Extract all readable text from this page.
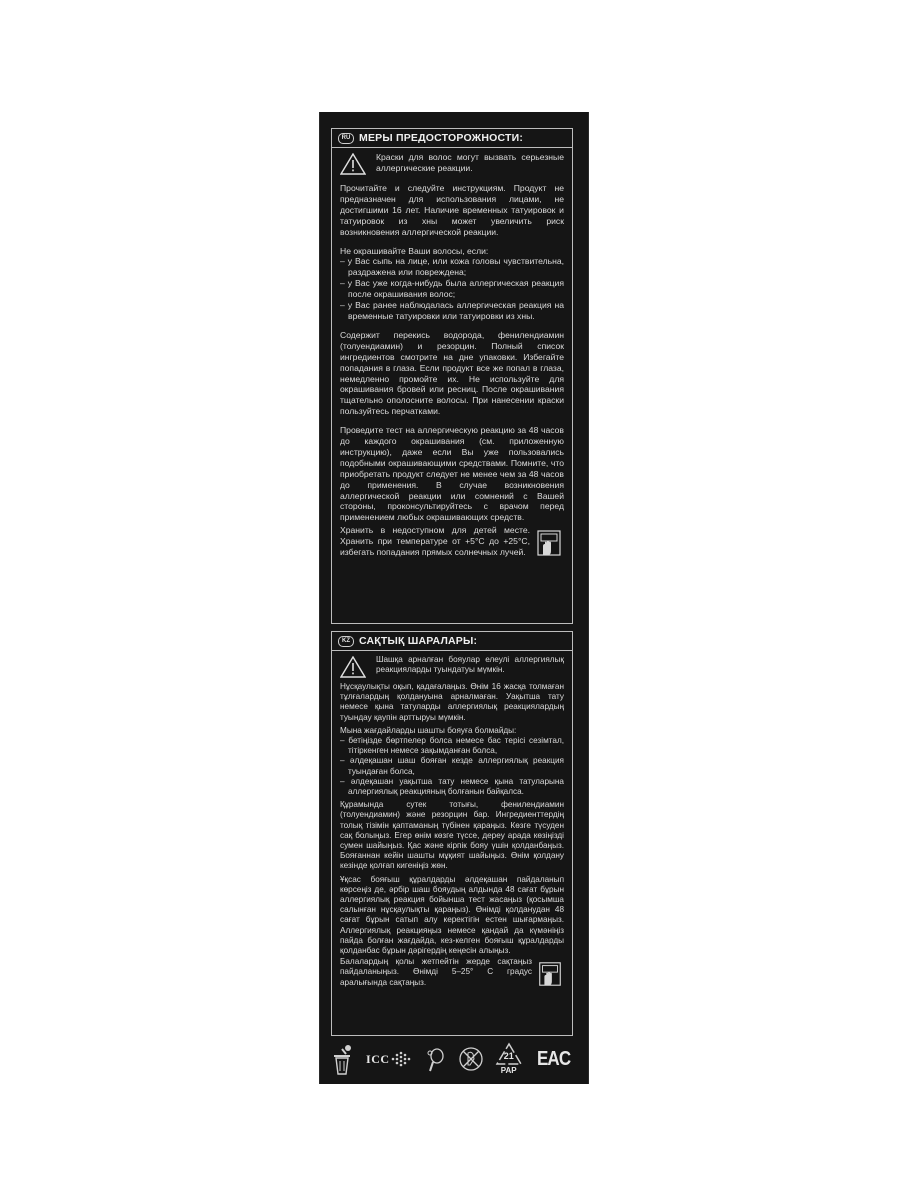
RU МЕРЫ ПРЕДОСТОРОЖНОСТИ:
Краски для волос могут вызвать серьезные аллергические реакции.
Прочитайте и следуйте инструкциям. Продукт не предназначен для использования лицами, не достигшими 16 лет. Наличие временных татуировок и татуировок из хны может увеличить риск возникновения аллергической реакции.
Не окрашивайте Ваши волосы, если:
– у Вас сыпь на лице, или кожа головы чувствительна, раздражена или повреждена;
– у Вас уже когда-нибудь была аллергическая реакция после окрашивания волос;
– у Вас ранее наблюдалась аллергическая реакция на временные татуировки или татуировки из хны.
Содержит перекись водорода, фенилендиамин (толуендиамин) и резорцин. Полный список ингредиентов смотрите на дне упаковки. Избегайте попадания в глаза. Если продукт все же попал в глаза, немедленно промойте их. Не используйте для окрашивания бровей или ресниц. После окрашивания тщательно ополосните волосы. При нанесении краски пользуйтесь перчатками.
Проведите тест на аллергическую реакцию за 48 часов до каждого окрашивания (см. приложенную инструкцию), даже если Вы уже пользовались подобными окрашивающими средствами. Помните, что приобретать продукт следует не менее чем за 48 часов до применения. В случае возникновения аллергической реакции или сомнений с Вашей стороны, проконсультируйтесь с врачом перед применением любых окрашивающих средств.
Хранить в недоступном для детей месте. Хранить при температуре от +5°С до +25°С, избегать попадания прямых солнечных лучей.
KZ САҚТЫҚ ШАРАЛАРЫ:
Шашқа арналған бояулар елеулі аллергиялық реакцияларды туындатуы мүмкін.
Нұсқаулықты оқып, қадағалаңыз. Өнім 16 жасқа толмаған тұлғалардың қолдануына арналмаған. Уақытша тату немесе қына татуларды аллергиялық реакциялардың туындау қаупін арттыруы мүмкін.
Мына жағдайларды шашты бояуға болмайды:
– бетіңізде бөртпелер болса немесе бас терісі сезімтал, тітіркенген немесе зақымданған болса,
– әлдеқашан шаш бояған кезде аллергиялық реакция туындаған болса,
– әлдеқашан уақытша тату немесе қына татуларына аллергиялық реакцияның болғанын байқалса.
Құрамында сутек тотығы, фенилендиамин (толуендиамин) және резорцин бар. Ингредиенттердің толық тізімін қаптаманың түбінен қараңыз. Көзге түсуден сақ болыңыз. Егер өнім көзге түссе, дереу арада көзіңізді сумен шайыңыз. Қас және кірпік бояу үшін қолданбаңыз. Бояғаннан кейін шашты мұқият шайыңыз. Өнім қолдану кезінде қолғап кигеніңіз жөн.
Ұқсас бояғыш құралдарды әлдеқашан пайдаланып көрсеңіз де, әрбір шаш бояудың алдында 48 сағат бұрын аллергиялық реакция бойынша тест жасаңыз (қосымша салынған нұсқаулықты қараңыз). Өнімді қолданудан 48 сағат бұрын сатып алу керектігін естен шығармаңыз. Аллергиялық реакцияңыз немесе қандай да күмәніңіз пайда болған жағдайда, кез-келген бояғыш құралдарды қолданбас бұрын дәрігердің кеңесін алыңыз.
Балалардың қолы жетпейтін жерде сақтаңыз пайдаланыңыз. Өнімді 5–25° С градус аралығында сақтаңыз.
ICC	21
PAP
EAC
